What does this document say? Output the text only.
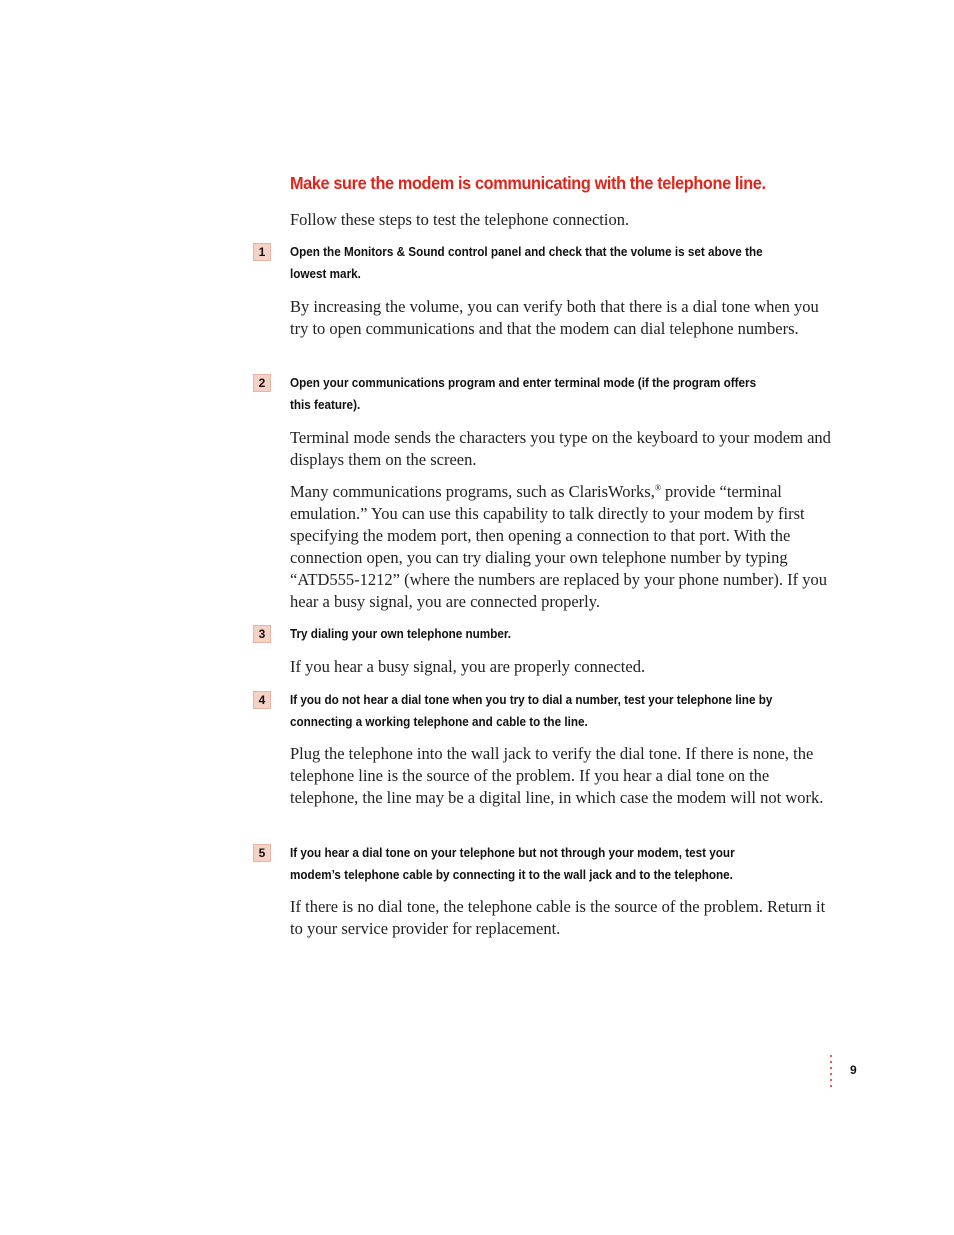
Make sure the modem is communicating with the telephone line.
Follow these steps to test the telephone connection.
1	Open the Monitors & Sound control panel and check that the volume is set above the
lowest mark.
By increasing the volume, you can verify both that there is a dial tone when you try to open communications and that the modem can dial telephone numbers.
2	Open your communications program and enter terminal mode (if the program offers
this feature).
Terminal mode sends the characters you type on the keyboard to your modem and displays them on the screen.
Many communications programs, such as ClarisWorks,® provide “terminal emulation.” You can use this capability to talk directly to your modem by first specifying the modem port, then opening a connection to that port. With the connection open, you can try dialing your own telephone number by typing “ATD555-1212” (where the numbers are replaced by your phone number). If you hear a busy signal, you are connected properly.
3	Try dialing your own telephone number.
If you hear a busy signal, you are properly connected.
4	If you do not hear a dial tone when you try to dial a number, test your telephone line by
connecting a working telephone and cable to the line.
Plug the telephone into the wall jack to verify the dial tone. If there is none, the telephone line is the source of the problem. If you hear a dial tone on the telephone, the line may be a digital line, in which case the modem will not work.
5	If you hear a dial tone on your telephone but not through your modem, test your
modem’s telephone cable by connecting it to the wall jack and to the telephone.
If there is no dial tone, the telephone cable is the source of the problem. Return it to your service provider for replacement.
9
